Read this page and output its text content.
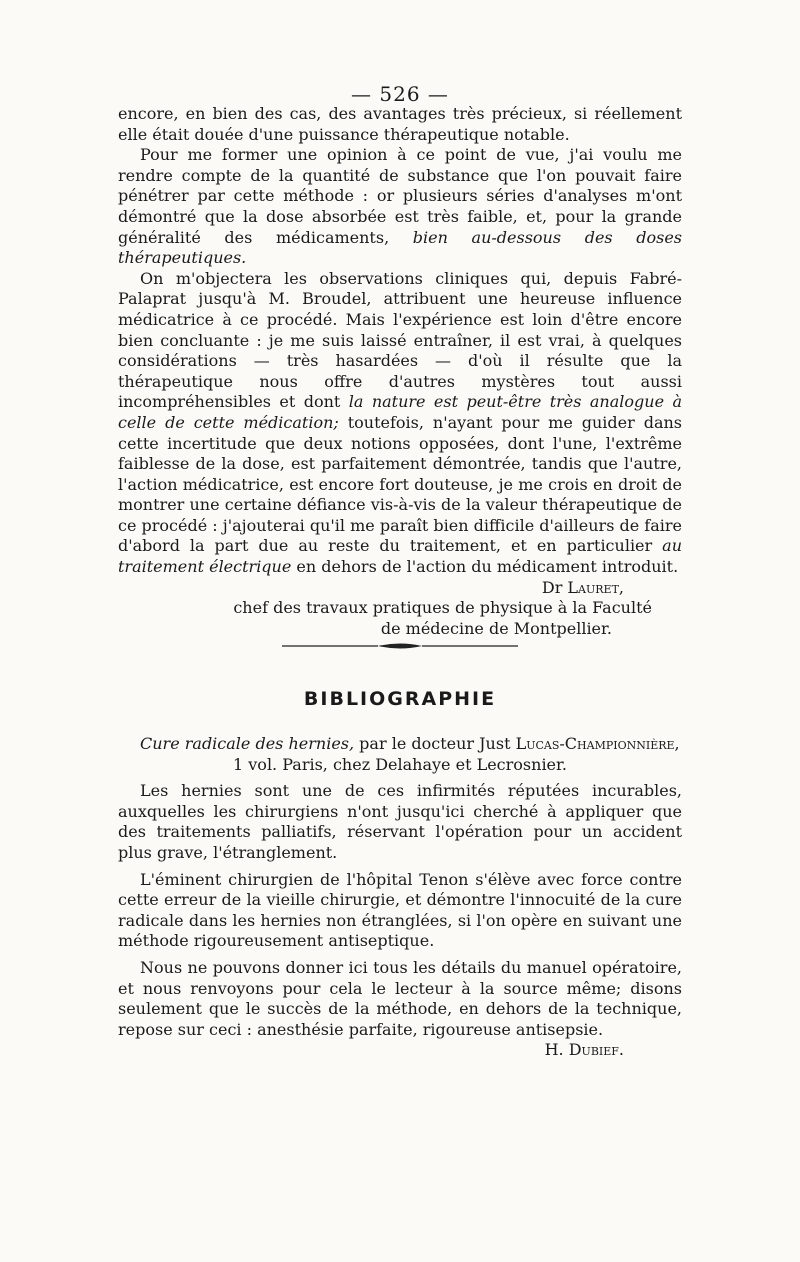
— 526 —

encore, en bien des cas, des avantages très précieux, si réellement elle était douée d'une puissance thérapeutique notable.

Pour me former une opinion à ce point de vue, j'ai voulu me rendre compte de la quantité de substance que l'on pouvait faire pénétrer par cette méthode : or plusieurs séries d'analyses m'ont démontré que la dose absorbée est très faible, et, pour la grande généralité des médicaments, bien au-dessous des doses thérapeutiques.

On m'objectera les observations cliniques qui, depuis Fabré-Palaprat jusqu'à M. Broudel, attribuent une heureuse influence médicatrice à ce procédé. Mais l'expérience est loin d'être encore bien concluante : je me suis laissé entraîner, il est vrai, à quelques considérations — très hasardées — d'où il résulte que la thérapeutique nous offre d'autres mystères tout aussi incompréhensibles et dont la nature est peut-être très analogue à celle de cette médication; toutefois, n'ayant pour me guider dans cette incertitude que deux notions opposées, dont l'une, l'extrême faiblesse de la dose, est parfaitement démontrée, tandis que l'autre, l'action médicatrice, est encore fort douteuse, je me crois en droit de montrer une certaine défiance vis-à-vis de la valeur thérapeutique de ce procédé : j'ajouterai qu'il me paraît bien difficile d'ailleurs de faire d'abord la part due au reste du traitement, et en particulier au traitement électrique en dehors de l'action du médicament introduit.

Dr Lauret,

chef des travaux pratiques de physique à la Faculté
de médecine de Montpellier.

BIBLIOGRAPHIE

Cure radicale des hernies, par le docteur Just Lucas-Championnière,

1 vol. Paris, chez Delahaye et Lecrosnier.

Les hernies sont une de ces infirmités réputées incurables, auxquelles les chirurgiens n'ont jusqu'ici cherché à appliquer que des traitements palliatifs, réservant l'opération pour un accident plus grave, l'étranglement.

L'éminent chirurgien de l'hôpital Tenon s'élève avec force contre cette erreur de la vieille chirurgie, et démontre l'innocuité de la cure radicale dans les hernies non étranglées, si l'on opère en suivant une méthode rigoureusement antiseptique.

Nous ne pouvons donner ici tous les détails du manuel opératoire, et nous renvoyons pour cela le lecteur à la source même; disons seulement que le succès de la méthode, en dehors de la technique, repose sur ceci : anesthésie parfaite, rigoureuse antisepsie.

H. Dubief.
